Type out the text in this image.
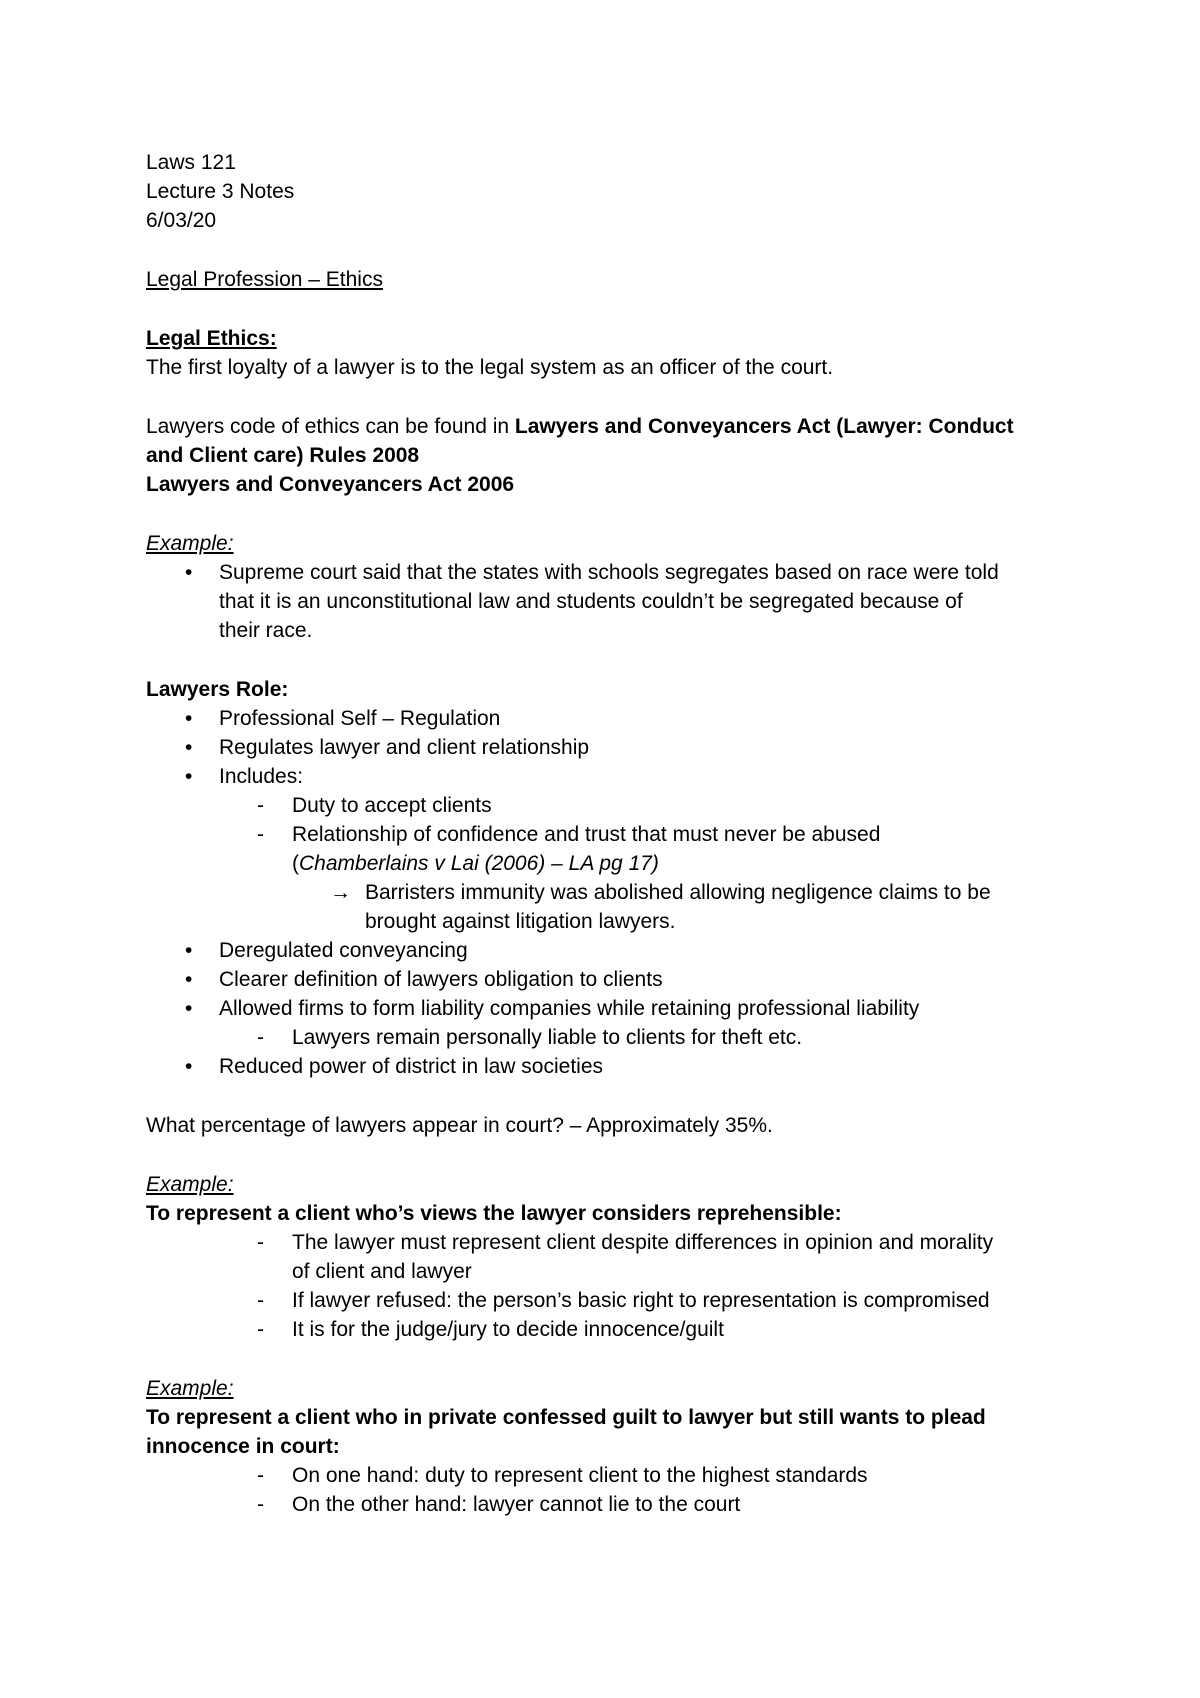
Laws 121
Lecture 3 Notes
6/03/20
Legal Profession – Ethics
Legal Ethics:
The first loyalty of a lawyer is to the legal system as an officer of the court.
Lawyers code of ethics can be found in Lawyers and Conveyancers Act (Lawyer: Conduct
and Client care) Rules 2008
Lawyers and Conveyancers Act 2006
Example:
•
Supreme court said that the states with schools segregates based on race were told
that it is an unconstitutional law and students couldn’t be segregated because of
their race.
Lawyers Role:
•
Professional Self – Regulation
•
Regulates lawyer and client relationship
•
Includes:
- Duty to accept clients
- Relationship of confidence and trust that must never be abused
(Chamberlains v Lai (2006) – LA pg 17)
→ Barristers immunity was abolished allowing negligence claims to be
brought against litigation lawyers.
•
Deregulated conveyancing
•
Clearer definition of lawyers obligation to clients
•
Allowed firms to form liability companies while retaining professional liability
- Lawyers remain personally liable to clients for theft etc.
•
Reduced power of district in law societies
What percentage of lawyers appear in court? – Approximately 35%.
Example:
To represent a client who’s views the lawyer considers reprehensible:
- The lawyer must represent client despite differences in opinion and morality
of client and lawyer
- If lawyer refused: the person’s basic right to representation is compromised
- It is for the judge/jury to decide innocence/guilt
Example:
To represent a client who in private confessed guilt to lawyer but still wants to plead
innocence in court:
- On one hand: duty to represent client to the highest standards
- On the other hand: lawyer cannot lie to the court
